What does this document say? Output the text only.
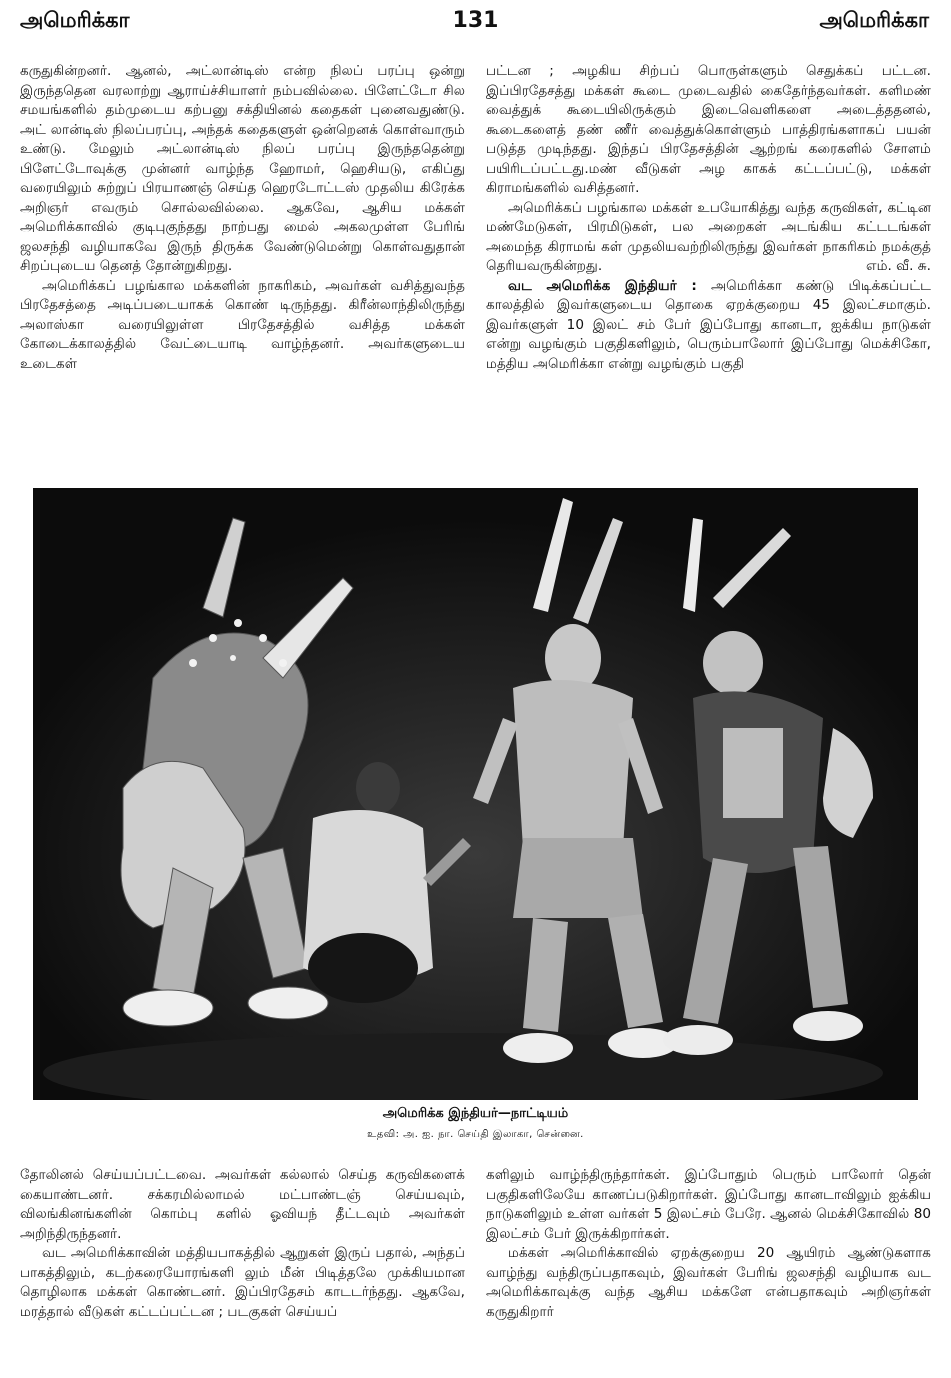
அமெரிக்கா	131	அமெரிக்கா

கருதுகின்றனர். ஆனல், அட்லான்டிஸ் என்ற நிலப் பரப்பு ஒன்று இருந்ததென வரலாற்று ஆராய்ச்சியாளர் நம்பவில்லை. பிளேட்டோ சில சமயங்களில் தம்முடைய கற்பனு சக்தியினல் கதைகள் புனைவதுண்டு. அட் லான்டிஸ் நிலப்பரப்பு, அந்தக் கதைகளுள் ஒன்றெனக் கொள்வாரும் உண்டு. மேலும் அட்லான்டிஸ் நிலப் பரப்பு இருந்ததென்று பிளேட்டோவுக்கு முன்னர் வாழ்ந்த ஹோமர், ஹெசியடு, எகிப்து வரையிலும் சுற்றுப் பிரயாணஞ் செய்த ஹெரடோட்டஸ் முதலிய கிரேக்க அறிஞர் எவரும் சொல்லவில்லை. ஆகவே, ஆசிய மக்கள் அமெரிக்காவில் குடிபுகுந்தது நாற்பது மைல் அகலமுள்ள பேரிங் ஜலசந்தி வழியாகவே இருந் திருக்க வேண்டுமென்று கொள்வதுதான் சிறப்புடைய தெனத் தோன்றுகிறது.

அமெரிக்கப் பழங்கால மக்களின் நாகரிகம், அவர்கள் வசித்துவந்த பிரதேசத்தை அடிப்படையாகக் கொண் டிருந்தது. கிரீன்லாந்திலிருந்து அலாஸ்கா வரையிலுள்ள பிரதேசத்தில் வசித்த மக்கள் கோடைக்காலத்தில் வேட்டையாடி வாழ்ந்தனர். அவர்களுடைய உடைகள்

பட்டன ; அழகிய சிற்பப் பொருள்களும் செதுக்கப் பட்டன. இப்பிரதேசத்து மக்கள் கூடை முடைவதில் கைதேர்ந்தவர்கள். களிமண் வைத்துக் கூடையிலிருக்கும் இடைவெளிகளை அடைத்ததனல், கூடைகளைத் தண் ணீர் வைத்துக்கொள்ளும் பாத்திரங்களாகப் பயன் படுத்த முடிந்தது. இந்தப் பிரதேசத்தின் ஆற்றங் கரைகளில் சோளம் பயிரிடப்பட்டது.மண் வீடுகள் அழ காகக் கட்டப்பட்டு, மக்கள் கிராமங்களில் வசித்தனர்.

அமெரிக்கப் பழங்கால மக்கள் உபயோகித்து வந்த கருவிகள், கட்டின மண்மேடுகள், பிரமிடுகள், பல அறைகள் அடங்கிய கட்டடங்கள் அமைந்த கிராமங் கள் முதலியவற்றிலிருந்து இவர்கள் நாகரிகம் நமக்குத் தெரியவருகின்றது.	எம். வீ. சு.

வட அமெரிக்க இந்தியர் : அமெரிக்கா கண்டு பிடிக்கப்பட்ட காலத்தில் இவர்களுடைய தொகை ஏறக்குறைய 45 இலட்சமாகும். இவர்களுள் 10 இலட் சம் பேர் இப்போது கானடா, ஐக்கிய நாடுகள் என்று வழங்கும் பகுதிகளிலும், பெரும்பாலோர் இப்போது மெக்சிகோ, மத்திய அமெரிக்கா என்று வழங்கும் பகுதி

அமெரிக்க இந்தியர்—நாட்டியம்
உதவி: அ. ஐ. நா. செய்தி இலாகா, சென்னை.

தோலினல் செய்யப்பட்டவை. அவர்கள் கல்லால் செய்த கருவிகளைக் கையாண்டனர். சக்கரமில்லாமல் மட்பாண்டஞ் செய்யவும், விலங்கினங்களின் கொம்பு களில் ஓவியந் தீட்டவும் அவர்கள் அறிந்திருந்தனர்.

வட அமெரிக்காவின் மத்தியபாகத்தில் ஆறுகள் இருப் பதால், அந்தப் பாகத்திலும், கடற்கரையோரங்களி லும் மீன் பிடித்தலே முக்கியமான தொழிலாக மக்கள் கொண்டனர். இப்பிரதேசம் காடடர்ந்தது. ஆகவே, மரத்தால் வீடுகள் கட்டப்பட்டன ; படகுகள் செய்யப்

களிலும் வாழ்ந்திருந்தார்கள். இப்போதும் பெரும் பாலோர் தென் பகுதிகளிலேயே காணப்படுகிறார்கள். இப்போது கானடாவிலும் ஐக்கிய நாடுகளிலும் உள்ள வர்கள் 5 இலட்சம் பேரே. ஆனல் மெக்சிகோவில் 80 இலட்சம் பேர் இருக்கிறார்கள்.

மக்கள் அமெரிக்காவில் ஏறக்குறைய 20 ஆயிரம் ஆண்டுகளாக வாழ்ந்து வந்திருப்பதாகவும், இவர்கள் பேரிங் ஜலசந்தி வழியாக வட அமெரிக்காவுக்கு வந்த ஆசிய மக்களே என்பதாகவும் அறிஞர்கள் கருதுகிறார்
